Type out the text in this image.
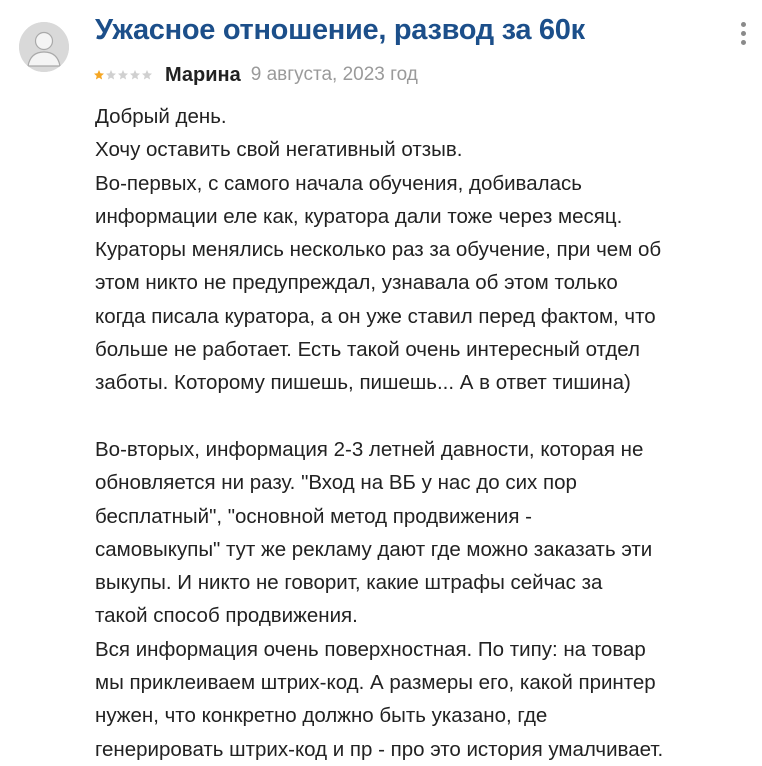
Ужасное отношение, развод за 60к
Марина 9 августа, 2023 год

Добрый день.

Хочу оставить свой негативный отзыв.

Во-первых, с самого начала обучения, добивалась

информации еле как, куратора дали тоже через месяц.

Кураторы менялись несколько раз за обучение, при чем об

этом никто не предупреждал, узнавала об этом только

когда писала куратора, а он уже ставил перед фактом, что

больше не работает. Есть такой очень интересный отдел

заботы. Которому пишешь, пишешь... А в ответ тишина)

Во-вторых, информация 2-3 летней давности, которая не

обновляется ни разу. "Вход на ВБ у нас до сих пор

бесплатный", "основной метод продвижения -

самовыкупы" тут же рекламу дают где можно заказать эти

выкупы. И никто не говорит, какие штрафы сейчас за

такой способ продвижения.

Вся информация очень поверхностная. По типу: на товар

мы приклеиваем штрих-код. А размеры его, какой принтер

нужен, что конкретно должно быть указано, где

генерировать штрих-код и пр - про это история умалчивает.
